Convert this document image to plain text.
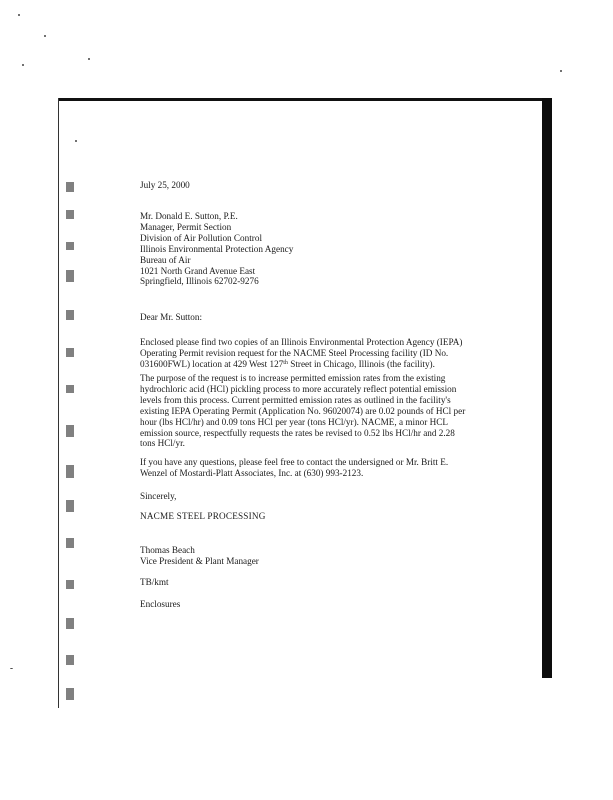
July 25, 2000
Mr. Donald E. Sutton, P.E.
Manager, Permit Section
Division of Air Pollution Control
Illinois Environmental Protection Agency
Bureau of Air
1021 North Grand Avenue East
Springfield, Illinois 62702-9276
Dear Mr. Sutton:
Enclosed please find two copies of an Illinois Environmental Protection Agency (IEPA)
Operating Permit revision request for the NACME Steel Processing facility (ID No.
031600FWL) location at 429 West 127th Street in Chicago, Illinois (the facility).
The purpose of the request is to increase permitted emission rates from the existing
hydrochloric acid (HCl) pickling process to more accurately reflect potential emission
levels from this process. Current permitted emission rates as outlined in the facility's
existing IEPA Operating Permit (Application No. 96020074) are 0.02 pounds of HCl per
hour (lbs HCl/hr) and 0.09 tons HCl per year (tons HCl/yr). NACME, a minor HCL
emission source, respectfully requests the rates be revised to 0.52 lbs HCl/hr and 2.28
tons HCl/yr.
If you have any questions, please feel free to contact the undersigned or Mr. Britt E.
Wenzel of Mostardi-Platt Associates, Inc. at (630) 993-2123.
Sincerely,
NACME STEEL PROCESSING
Thomas Beach
Vice President & Plant Manager
TB/kmt
Enclosures
